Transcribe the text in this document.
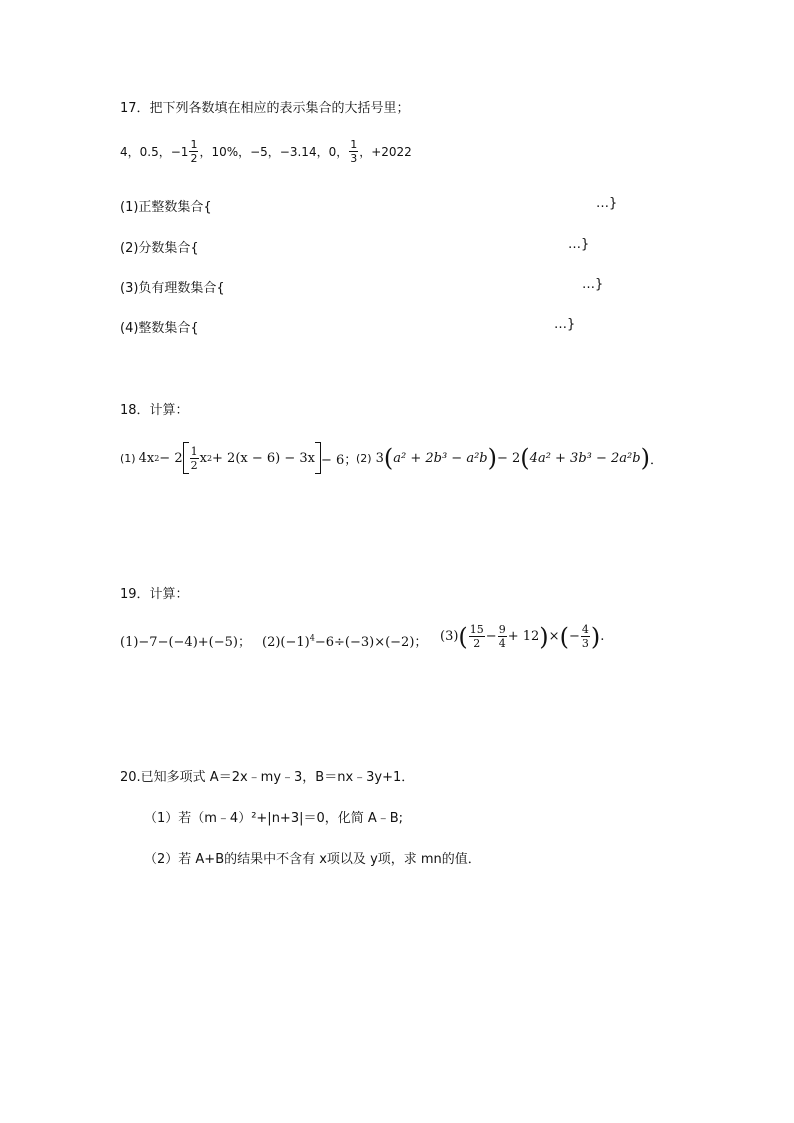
17．把下列各数填在相应的表示集合的大括号里；
4，0.5， $-1 \frac{1}{2}$ ，10%，−5，−3.14，0， $\frac{1}{3}$ ，+2022
(1)正整数集合{	…}
(2)分数集合{	…}
(3)负有理数集合{	…}
(4)整数集合{	…}
18．计算：
(1) 4x $2 - 2 \frac{1}{2}$ x 2 + 2(x − 6) − 3x − 6；
(2) 3 ( a² + 2b³ − a²b ) − 2 ( 4a² + 3b³ − 2a²b ) ．
19．计算：
(1)−7−(−4)+(−5)； $(2)(-1)^4-6\div(-3)\times(-2)$； (3) ( $\frac{15}{2} - \frac{9}{4} + 12$ ) × ( − $\frac{4}{3}$ ) .
20.已知多项式 A＝2x﹣my﹣3，B＝nx﹣3y+1．
（1）若（m﹣4）²+|n+3|＝0，化简 A﹣B;
（2）若 A+B的结果中不含有 x项以及 y项，求 mn的值．
